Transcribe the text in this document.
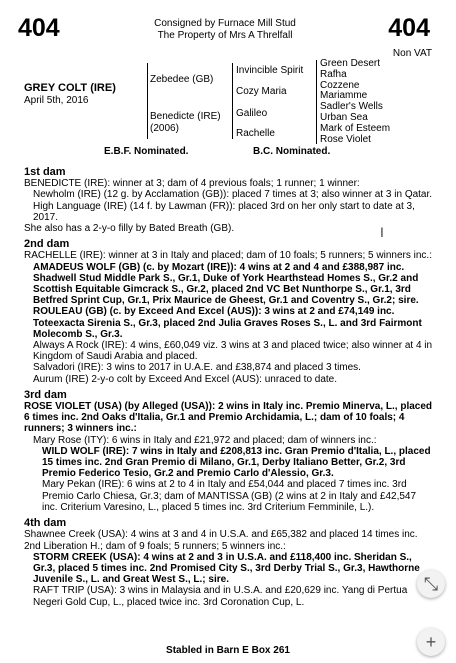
404	404
Consigned by Furnace Mill Stud
The Property of Mrs A Threlfall
Non VAT
GREY COLT (IRE)
April 5th, 2016
Zebedee (GB)
Benedicte (IRE)
(2006)
Invincible Spirit
Cozy Maria
Galileo
Rachelle
Green Desert
Rafha
Cozzene
Mariamme
Sadler's Wells
Urban Sea
Mark of Esteem
Rose Violet
E.B.F. Nominated.	B.C. Nominated.
1st dam
BENEDICTE (IRE): winner at 3; dam of 4 previous foals; 1 runner; 1 winner:
Newholm (IRE) (12 g. by Acclamation (GB)): placed 7 times at 3; also winner at 3 in Qatar.
High Language (IRE) (14 f. by Lawman (FR)): placed 3rd on her only start to date at 3, 2017.
She also has a 2-y-o filly by Bated Breath (GB).
2nd dam
RACHELLE (IRE): winner at 3 in Italy and placed; dam of 10 foals; 5 runners; 5 winners inc.:
AMADEUS WOLF (GB) (c. by Mozart (IRE)): 4 wins at 2 and 4 and £388,987 inc. Shadwell Stud Middle Park S., Gr.1, Duke of York Hearthstead Homes S., Gr.2 and Scottish Equitable Gimcrack S., Gr.2, placed 2nd VC Bet Nunthorpe S., Gr.1, 3rd Betfred Sprint Cup, Gr.1, Prix Maurice de Gheest, Gr.1 and Coventry S., Gr.2; sire.
ROULEAU (GB) (c. by Exceed And Excel (AUS)): 3 wins at 2 and £74,149 inc. Toteexacta Sirenia S., Gr.3, placed 2nd Julia Graves Roses S., L. and 3rd Fairmont Molecomb S., Gr.3.
Always A Rock (IRE): 4 wins, £60,049 viz. 3 wins at 3 and placed twice; also winner at 4 in Kingdom of Saudi Arabia and placed.
Salvadori (IRE): 3 wins to 2017 in U.A.E. and £38,874 and placed 3 times.
Aurum (IRE) 2-y-o colt by Exceed And Excel (AUS): unraced to date.
3rd dam
ROSE VIOLET (USA) (by Alleged (USA)): 2 wins in Italy inc. Premio Minerva, L., placed 6 times inc. 2nd Oaks d'Italia, Gr.1 and Premio Archidamia, L.; dam of 10 foals; 4 runners; 3 winners inc.:
Mary Rose (ITY): 6 wins in Italy and £21,972 and placed; dam of winners inc.:
WILD WOLF (IRE): 7 wins in Italy and £208,813 inc. Gran Premio d'Italia, L., placed 15 times inc. 2nd Gran Premio di Milano, Gr.1, Derby Italiano Better, Gr.2, 3rd Premio Federico Tesio, Gr.2 and Premio Carlo d'Alessio, Gr.3.
Mary Pekan (IRE): 6 wins at 2 to 4 in Italy and £54,044 and placed 7 times inc. 3rd Premio Carlo Chiesa, Gr.3; dam of MANTISSA (GB) (2 wins at 2 in Italy and £42,547 inc. Criterium Varesino, L., placed 5 times inc. 3rd Criterium Femminile, L.).
4th dam
Shawnee Creek (USA): 4 wins at 3 and 4 in U.S.A. and £65,382 and placed 14 times inc. 2nd Liberation H.; dam of 9 foals; 5 runners; 5 winners inc.:
STORM CREEK (USA): 4 wins at 2 and 3 in U.S.A. and £118,400 inc. Sheridan S., Gr.3, placed 5 times inc. 2nd Promised City S., 3rd Derby Trial S., Gr.3, Hawthorne Juvenile S., L. and Great West S., L.; sire.
RAFT TRIP (USA): 3 wins in Malaysia and in U.S.A. and £20,629 inc. Yang di Pertua Negeri Gold Cup, L., placed twice inc. 3rd Coronation Cup, L.
Stabled in Barn E Box 261
I
⤡
+
